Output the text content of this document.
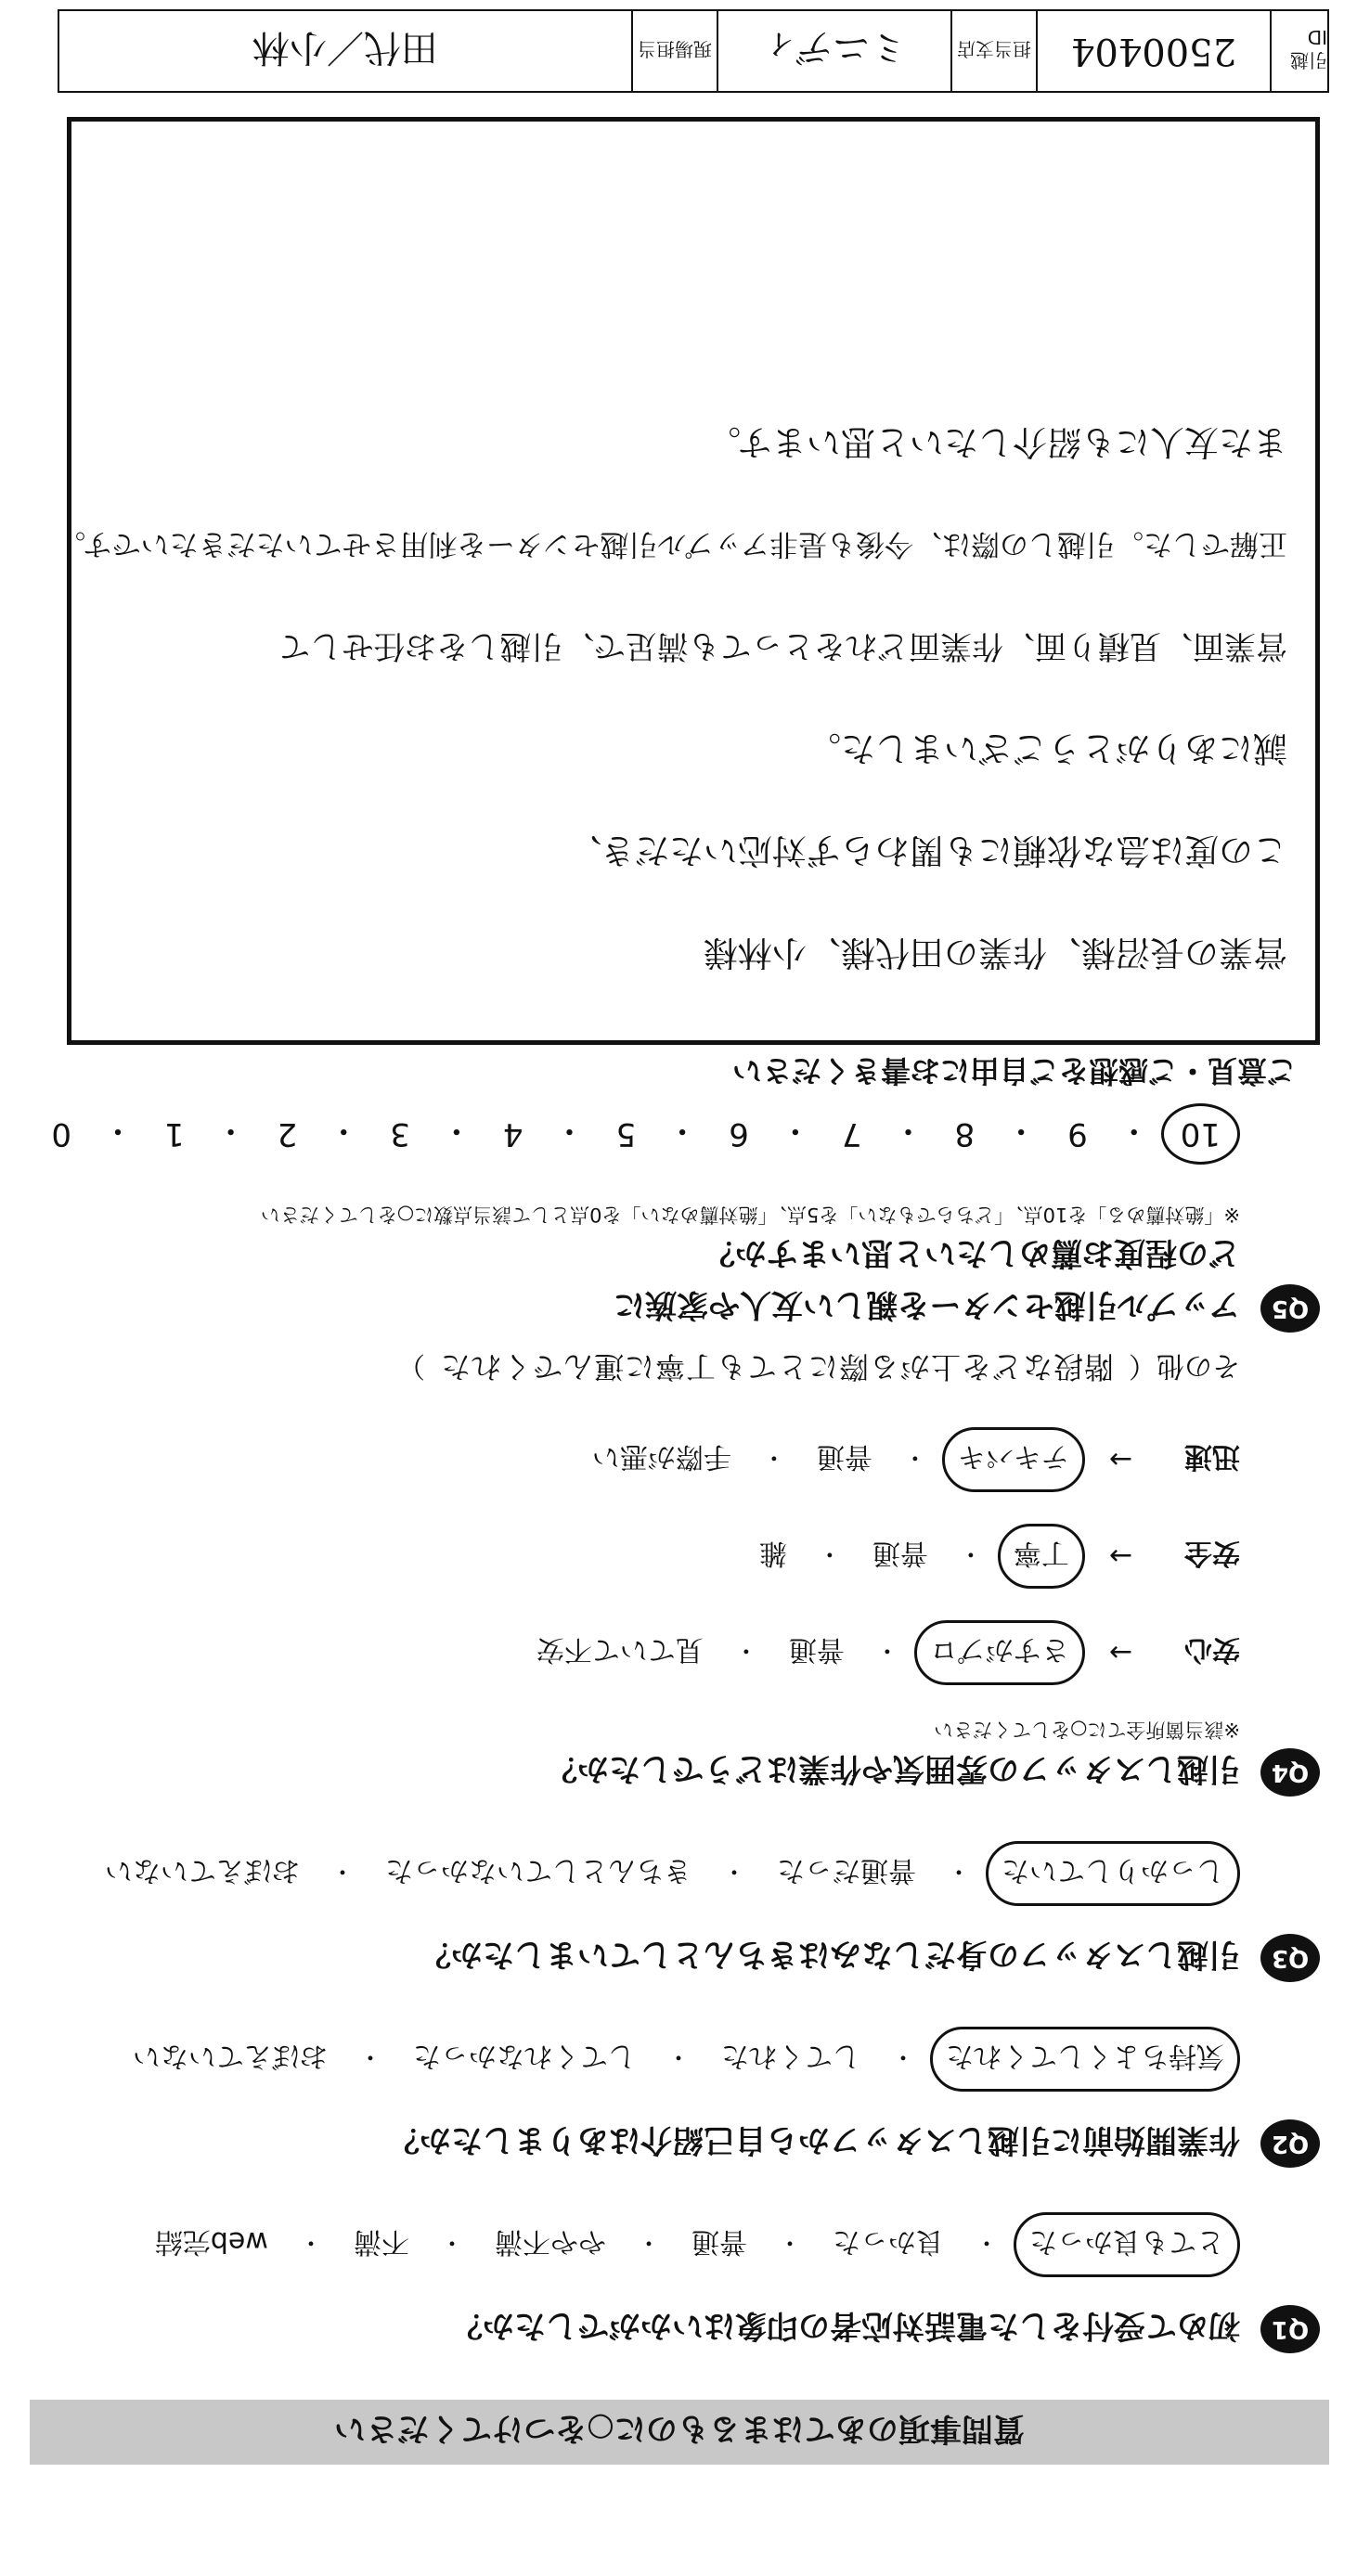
質問事項のあてはまるものに○をつけてください
Q1
初めて受付をした電話対応者の印象はいかがでしたか？
とても良かった
・
良かった
・
普通
・
やや不満
・
不満
・
web完結
Q2
作業開始前に引越しスタッフから自己紹介はありましたか？
気持ちよくしてくれた
・
してくれた
・
してくれなかった
・
おぼえていない
Q3
引越しスタッフの身だしなみはきちんとしていましたか？
しっかりしていた
・
普通だった
・
きちんとしていなかった
・
おぼえていない
Q4
引越しスタッフの雰囲気や作業はどうでしたか？
※該当箇所全てに○をしてください
安心
→
さすがプロ
・
普通
・
見ていて不安
安全
→
丁寧
・
普通
・
雑
迅速
→
テキパキ
・
普通
・
手際が悪い
その他
（
階段などを上がる際にとても丁寧に運んでくれた
）
Q5
アップル引越センターを親しい友人や家族に
どの程度お薦めしたいと思いますか？
※「絶対薦める」を10点、「どちらでもない」を5点、「絶対薦めない」を0点として該当点数に○をしてください
10
・
9
・
8
・
7
・
6
・
5
・
4
・
3
・
2
・
1
・
0
ご意見・ご感想をご自由にお書きください
営業の長沼様、作業の田代様、小林様
この度は急な依頼にも関わらず対応いただき、
誠にありがとうございました。
営業面、見積り面、作業面どれをとっても満足で、引越しをお任せして
正解でした。引越しの際は、今後も是非アップル引越センターを利用させていただきたいです。
また友人にも紹介したいと思います。
引越ID
2500404
担当支店
ミニディ
現場担当
田代／小林
